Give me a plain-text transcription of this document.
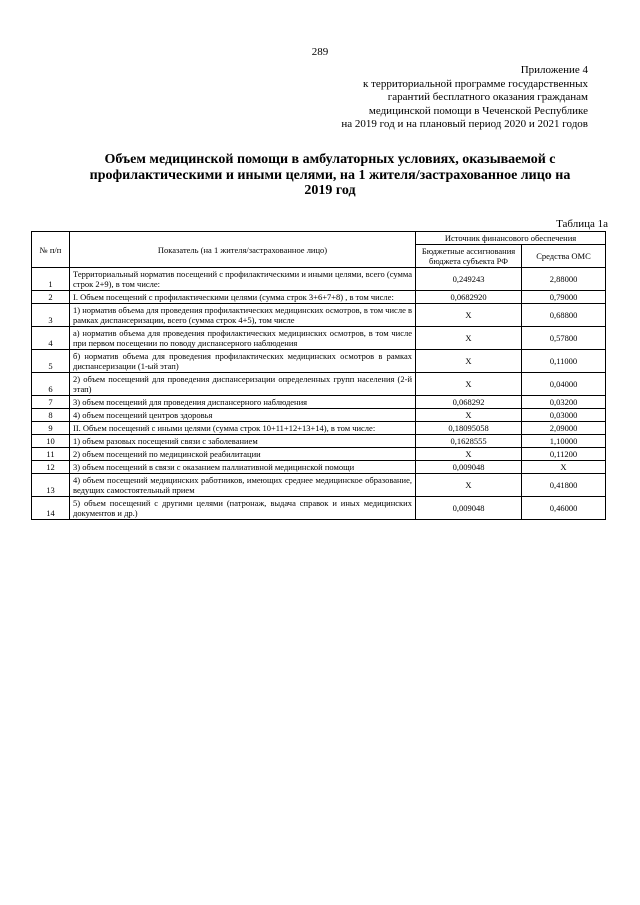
289
Приложение 4
к территориальной программе государственных
гарантий бесплатного оказания гражданам
медицинской помощи в Чеченской Республике
на 2019 год и на плановый период 2020 и 2021 годов
Объем медицинской помощи в амбулаторных условиях, оказываемой с профилактическими и иными целями, на 1 жителя/застрахованное лицо на 2019 год
Таблица 1а
№ п/п	Показатель (на 1 жителя/застрахованное лицо)	Источник финансового обеспечения	
		Бюджетные ассигнования бюджета субъекта РФ	Средства ОМС
1	Территориальный норматив посещений с профилактическими и иными целями, всего (сумма строк 2+9), в том числе:	0,249243	2,88000
2	I. Объем посещений с профилактическими целями (сумма строк 3+6+7+8) , в том числе:	0,0682920	0,79000
3	1) норматив объема для проведения профилактических медицинских осмотров, в том числе в рамках диспансеризации, всего (сумма строк 4+5), том числе	X	0,68800
4	а) норматив объема для проведения профилактических медицинских осмотров, в том числе при первом посещении по поводу диспансерного наблюдения	X	0,57800
5	б) норматив объема для проведения профилактических медицинских осмотров в рамках диспансеризации (1-ый этап)	X	0,11000
6	2) объем посещений для проведения диспансеризации определенных групп населения (2-й этап)	X	0,04000
7	3) объем посещений для проведения диспансерного наблюдения	0,068292	0,03200
8	4) объем посещений центров здоровья	X	0,03000
9	II. Объем посещений с иными целями (сумма строк 10+11+12+13+14), в том числе:	0,18095058	2,09000
10	1) объем разовых посещений связи с заболеванием	0,1628555	1,10000
11	2) объем посещений по медицинской реабилитации	X	0,11200
12	3) объем посещений в связи с оказанием паллиативной медицинской помощи	0,009048	X
13	4) объем посещений медицинских работников, имеющих среднее медицинское образование, ведущих самостоятельный прием	X	0,41800
14	5) объем посещений с другими целями (патронаж, выдача справок и иных медицинских документов и др.)	0,009048	0,46000
